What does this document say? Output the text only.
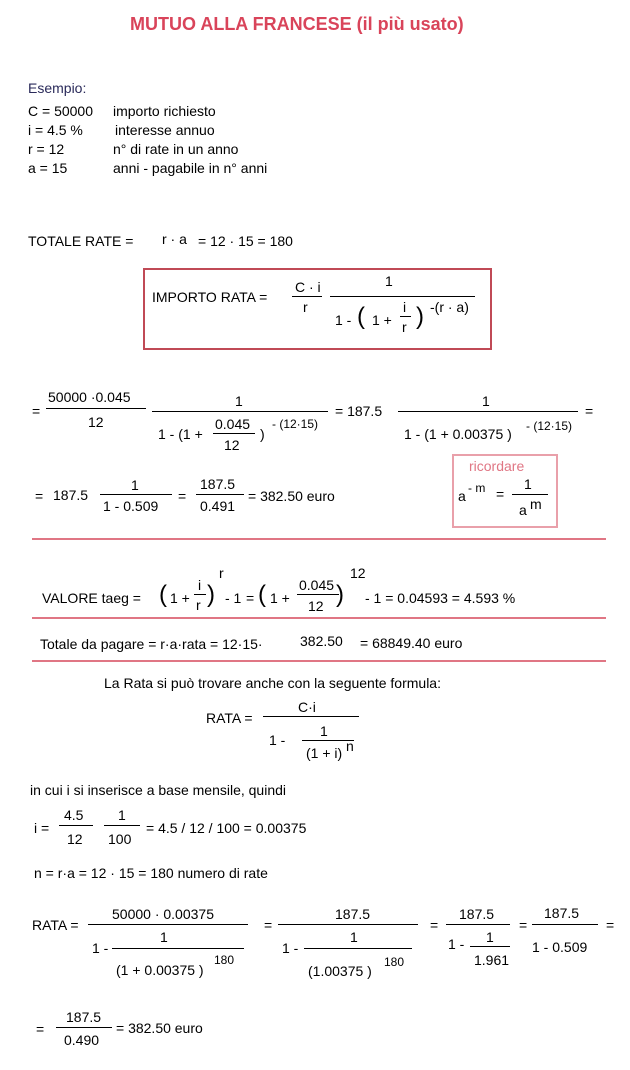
MUTUO ALLA FRANCESE (il più usato)
Esempio:
C = 50000 importo richiesto
i = 4.5 % interesse annuo
r = 12	n° di rate in un anno
a = 15	anni - pagabile in n° anni
TOTALE RATE = r · a = 12 · 15 = 180
IMPORTO RATA =
C · i
r
1
1 - ( 1 +
i
r ) -(r · a)
=
50000 ·0.045
12
1
1 - (1 +
0.045
12
)
- (12·15)
= 187.5
1
1 - (1 + 0.00375 ) - (12·15)
=
= 187.5
1
1 - 0.509
=
187.5
0.491
= 382.50 euro
ricordare
a - m =
1
a m
VALORE taeg = ( 1 +
i
r )
r
- 1 = ( 1 +
0.045
12 )
12
- 1 = 0.04593 = 4.593 %
Totale da pagare = r·a·rata = 12·15·	382.50 = 68849.40 euro
La Rata si può trovare anche con la seguente formula:
RATA =
C·i
1 -
1
(1 + i) n
in cui i si inserisce a base mensile, quindi
i =
4.5
12
1
100
= 4.5 / 12 / 100 = 0.00375
n = r·a = 12 · 15 = 180 numero di rate
RATA =
50000 · 0.00375
1 -
1
(1 + 0.00375 )
180
=
187.5
1 -
1
(1.00375 )
180
=
187.5
1 - 1
1.961
=
187.5
1 - 0.509
=
=
187.5
0.490
= 382.50 euro
